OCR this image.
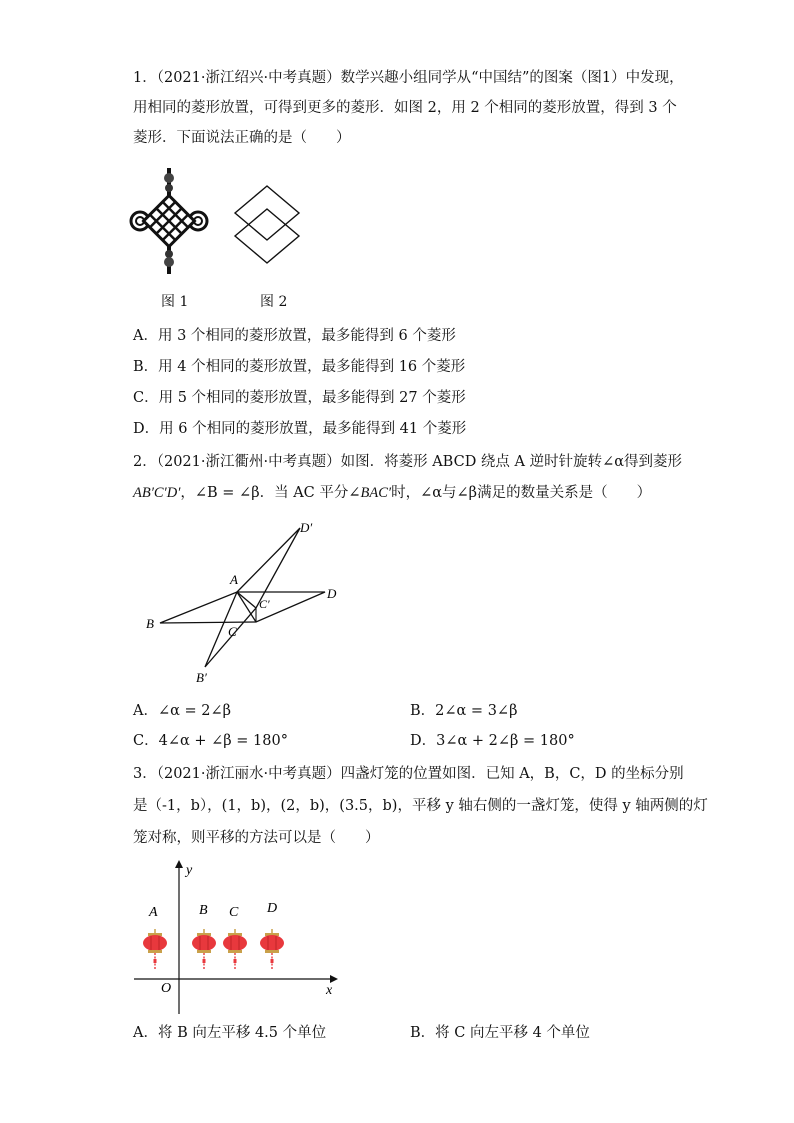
1．（2021·浙江绍兴·中考真题）数学兴趣小组同学从“中国结”的图案（图1）中发现，
用相同的菱形放置，可得到更多的菱形．如图 2，用 2 个相同的菱形放置，得到 3 个
菱形．下面说法正确的是（　　）
图 1	图 2
A．用 3 个相同的菱形放置，最多能得到 6 个菱形
B．用 4 个相同的菱形放置，最多能得到 16 个菱形
C．用 5 个相同的菱形放置，最多能得到 27 个菱形
D．用 6 个相同的菱形放置，最多能得到 41 个菱形
2．（2021·浙江衢州·中考真题）如图．将菱形 ABCD 绕点 A 逆时针旋转∠α得到菱形
AB′C′D′，∠B = ∠β．当 AC 平分∠BAC′时，∠α与∠β满足的数量关系是（　　）
A
B
C
D
B′
C′
D′
A．∠α = 2∠β	B．2∠α = 3∠β
C．4∠α + ∠β = 180°	D．3∠α + 2∠β = 180°
3．（2021·浙江丽水·中考真题）四盏灯笼的位置如图．已知 A，B，C，D 的坐标分别
是（-1，b），(1，b)，(2，b)，(3.5，b)，平移 y 轴右侧的一盏灯笼，使得 y 轴两侧的灯
笼对称，则平移的方法可以是（　　）
y
x
O
A	B C D
A．将 B 向左平移 4.5 个单位	B．将 C 向左平移 4 个单位
